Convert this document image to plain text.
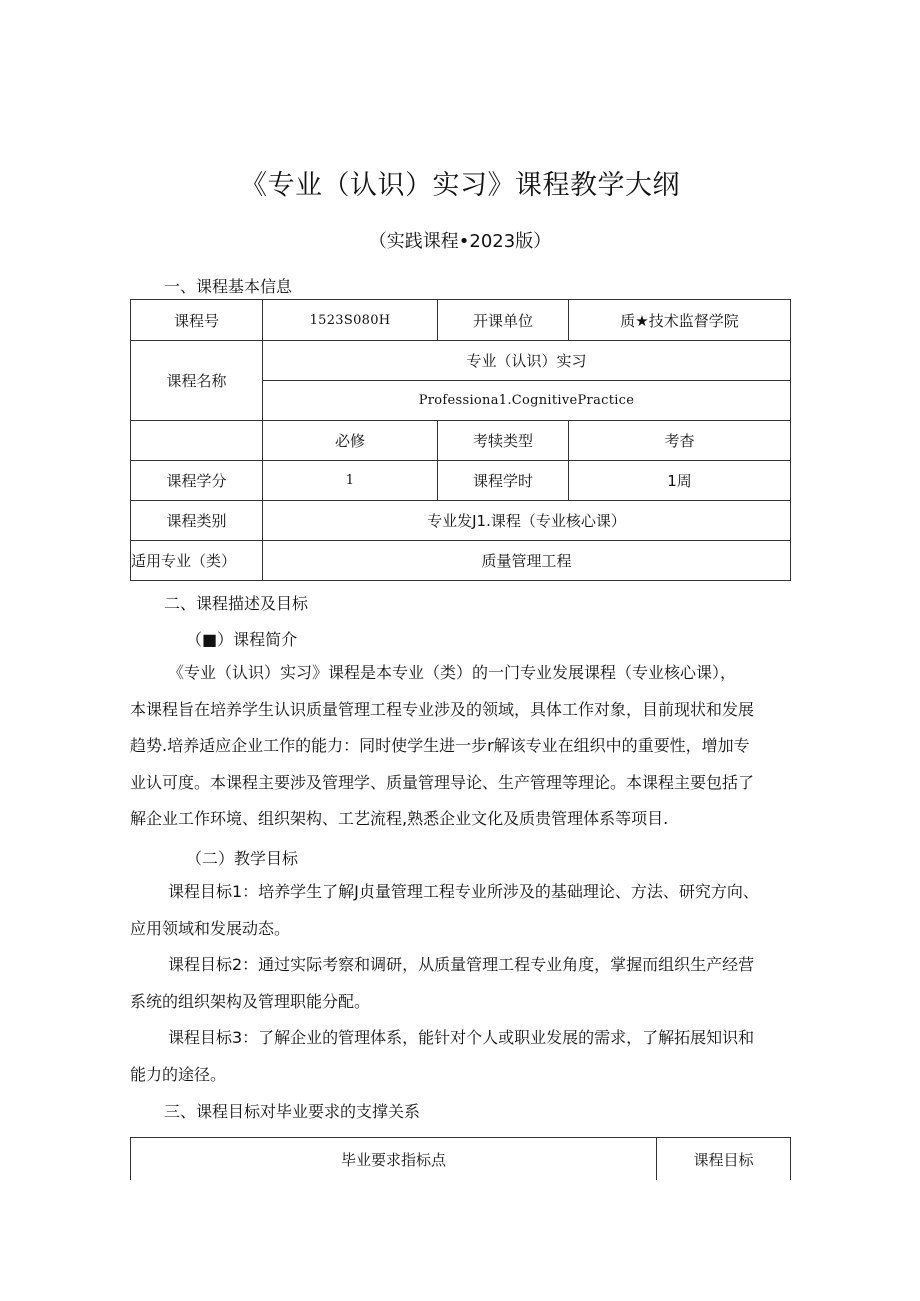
《专业（认识）实习》课程教学大纲
（实践课程•2023版）
一、课程基本信息
课程号	1523S080H	开课单位	质★技术监督学院
课程名称	专业（认识）实习		
	Professiona1.CognitivePractice		
	必修	考犊类型	考杳
课程学分	1	课程学时	1周
课程类别	专业发J1.课程（专业核心课）		
适用专业（类）	质量管理工程		
二、课程描述及目标
（■）课程简介
《专业（认识）实习》课程是本专业（类）的一门专业发展课程（专业核心课），
本课程旨在培养学生认识质量管理工程专业涉及的领域，具体工作对象，目前现状和发展
趋势.培养适应企业工作的能力：同时使学生进一步r解该专业在组织中的重要性，增加专
业认可度。本课程主要涉及管理学、质量管理导论、生产管理等理论。本课程主要包括了
解企业工作环境、组织架构、工艺流程,熟悉企业文化及质贵管理体系等项目.
（二）教学目标
课程目标1：培养学生了解J贞量管理工程专业所涉及的基础理论、方法、研究方向、
应用领域和发展动态。
课程目标2：通过实际考察和调研，从质量管理工程专业角度，掌握而组织生产经营
系统的组织架构及管理职能分配。
课程目标3：了解企业的管理体系，能针对个人或职业发展的需求，了解拓展知识和
能力的途径。
三、课程目标对毕业要求的支撑关系
毕业要求指标点	课程目标
